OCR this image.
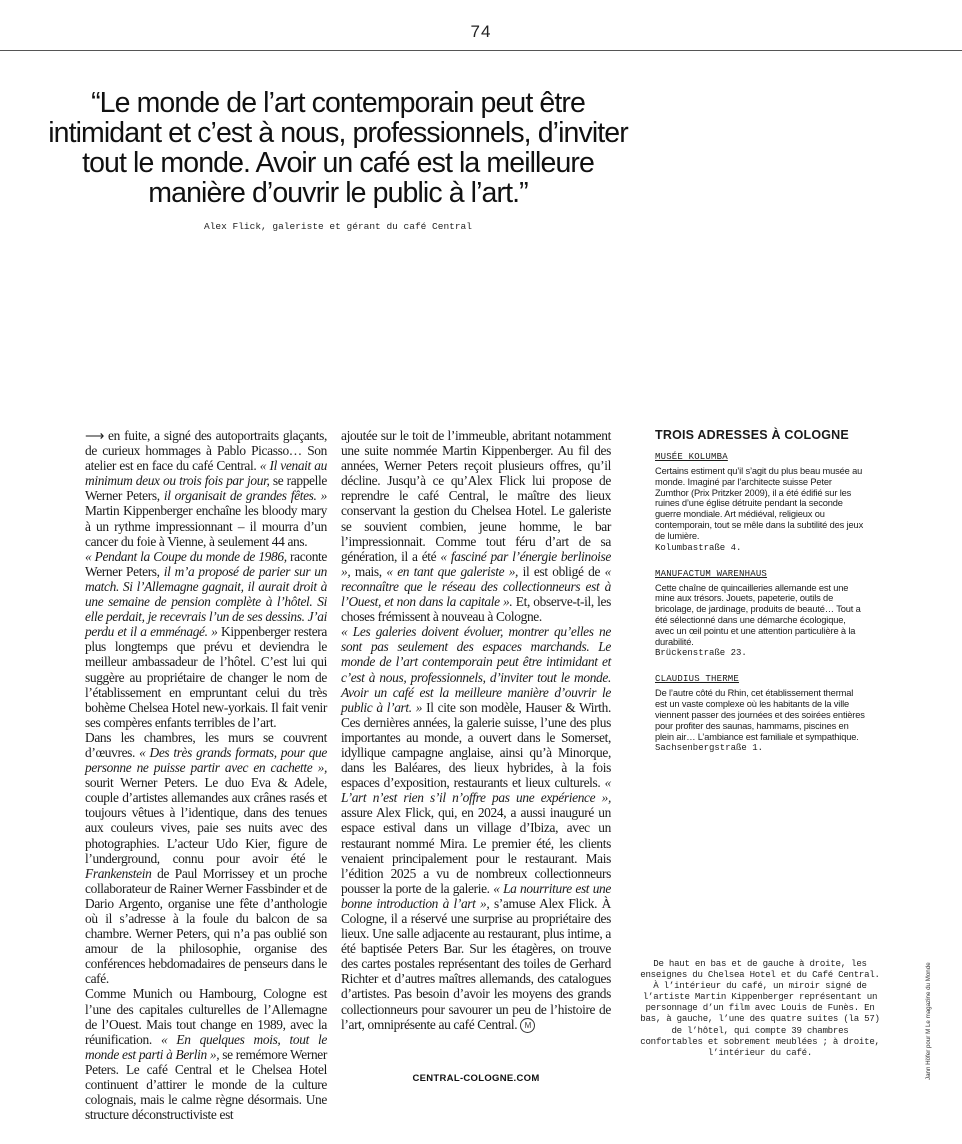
74
“Le monde de l’art contemporain peut être intimidant et c’est à nous, professionnels, d’inviter tout le monde. Avoir un café est la meilleure manière d’ouvrir le public à l’art.”
Alex Flick, galeriste et gérant du café Central

⟶ en fuite, a signé des autoportraits glaçants, de curieux hommages à Pablo Picasso… Son atelier est en face du café Central. « Il venait au minimum deux ou trois fois par jour, se rappelle Werner Peters, il organisait de grandes fêtes. » Martin Kippenberger enchaîne les bloody mary à un rythme impressionnant – il mourra d’un cancer du foie à Vienne, à seulement 44 ans.

« Pendant la Coupe du monde de 1986, raconte Werner Peters, il m’a proposé de parier sur un match. Si l’Allemagne gagnait, il aurait droit à une semaine de pension complète à l’hôtel. Si elle perdait, je recevrais l’un de ses dessins. J’ai perdu et il a emménagé. » Kippenberger restera plus longtemps que prévu et deviendra le meilleur ambassadeur de l’hôtel. C’est lui qui suggère au propriétaire de changer le nom de l’établissement en empruntant celui du très bohème Chelsea Hotel new-yorkais. Il fait venir ses compères enfants terribles de l’art.

Dans les chambres, les murs se couvrent d’œuvres. « Des très grands formats, pour que personne ne puisse partir avec en cachette », sourit Werner Peters. Le duo Eva & Adele, couple d’artistes allemandes aux crânes rasés et toujours vêtues à l’identique, dans des tenues aux couleurs vives, paie ses nuits avec des photographies. L’acteur Udo Kier, figure de l’underground, connu pour avoir été le Frankenstein de Paul Morrissey et un proche collaborateur de Rainer Werner Fassbinder et de Dario Argento, organise une fête d’anthologie où il s’adresse à la foule du balcon de sa chambre. Werner Peters, qui n’a pas oublié son amour de la philosophie, organise des conférences hebdomadaires de penseurs dans le café.

Comme Munich ou Hambourg, Cologne est l’une des capitales culturelles de l’Allemagne de l’Ouest. Mais tout change en 1989, avec la réunification. « En quelques mois, tout le monde est parti à Berlin », se remémore Werner Peters. Le café Central et le Chelsea Hotel continuent d’attirer le monde de la culture colognais, mais le calme règne désormais. Une structure déconstructiviste est

ajoutée sur le toit de l’immeuble, abritant notamment une suite nommée Martin Kippenberger. Au fil des années, Werner Peters reçoit plusieurs offres, qu’il décline. Jusqu’à ce qu’Alex Flick lui propose de reprendre le café Central, le maître des lieux conservant la gestion du Chelsea Hotel. Le galeriste se souvient combien, jeune homme, le bar l’impressionnait. Comme tout féru d’art de sa génération, il a été « fasciné par l’énergie berlinoise », mais, « en tant que galeriste », il est obligé de « reconnaître que le réseau des collectionneurs est à l’Ouest, et non dans la capitale ». Et, observe-t-il, les choses frémissent à nouveau à Cologne.

« Les galeries doivent évoluer, montrer qu’elles ne sont pas seulement des espaces marchands. Le monde de l’art contemporain peut être intimidant et c’est à nous, professionnels, d’inviter tout le monde. Avoir un café est la meilleure manière d’ouvrir le public à l’art. » Il cite son modèle, Hauser & Wirth. Ces dernières années, la galerie suisse, l’une des plus importantes au monde, a ouvert dans le Somerset, idyllique campagne anglaise, ainsi qu’à Minorque, dans les Baléares, des lieux hybrides, à la fois espaces d’exposition, restaurants et lieux culturels. « L’art n’est rien s’il n’offre pas une expérience », assure Alex Flick, qui, en 2024, a aussi inauguré un espace estival dans un village d’Ibiza, avec un restaurant nommé Mira. Le premier été, les clients venaient principalement pour le restaurant. Mais l’édition 2025 a vu de nombreux collectionneurs pousser la porte de la galerie. « La nourriture est une bonne introduction à l’art », s’amuse Alex Flick. À Cologne, il a réservé une surprise au propriétaire des lieux. Une salle adjacente au restaurant, plus intime, a été baptisée Peters Bar. Sur les étagères, on trouve des cartes postales représentant des toiles de Gerhard Richter et d’autres maîtres allemands, des catalogues d’artistes. Pas besoin d’avoir les moyens des grands collectionneurs pour savourer un peu de l’histoire de l’art, omniprésente au café Central. M

CENTRAL-COLOGNE.COM
TROIS ADRESSES À COLOGNE
MUSÉE KOLUMBA
Certains estiment qu’il s’agit du plus beau musée au monde. Imaginé par l’architecte suisse Peter Zumthor (Prix Pritzker 2009), il a été édifié sur les ruines d’une église détruite pendant la seconde guerre mondiale. Art médiéval, religieux ou contemporain, tout se mêle dans la subtilité des jeux de lumière.
Kolumbastraße 4.
MANUFACTUM WARENHAUS
Cette chaîne de quincailleries allemande est une mine aux trésors. Jouets, papeterie, outils de bricolage, de jardinage, produits de beauté… Tout a été sélectionné dans une démarche écologique, avec un œil pointu et une attention particulière à la durabilité.
Brückenstraße 23.
CLAUDIUS THERME
De l’autre côté du Rhin, cet établissement thermal est un vaste complexe où les habitants de la ville viennent passer des journées et des soirées entières pour profiter des saunas, hammams, piscines en plein air… L’ambiance est familiale et sympathique.
Sachsenbergstraße 1.

De haut en bas et de gauche à droite, les enseignes du Chelsea Hotel et du Café Central. À l’intérieur du café, un miroir signé de l’artiste Martin Kippenberger représentant un personnage d’un film avec Louis de Funès. En bas, à gauche, l’une des quatre suites (la 57) de l’hôtel, qui compte 39 chambres confortables et sobrement meublées ; à droite, l’intérieur du café.	Jann Höfer pour M Le magazine du Monde
